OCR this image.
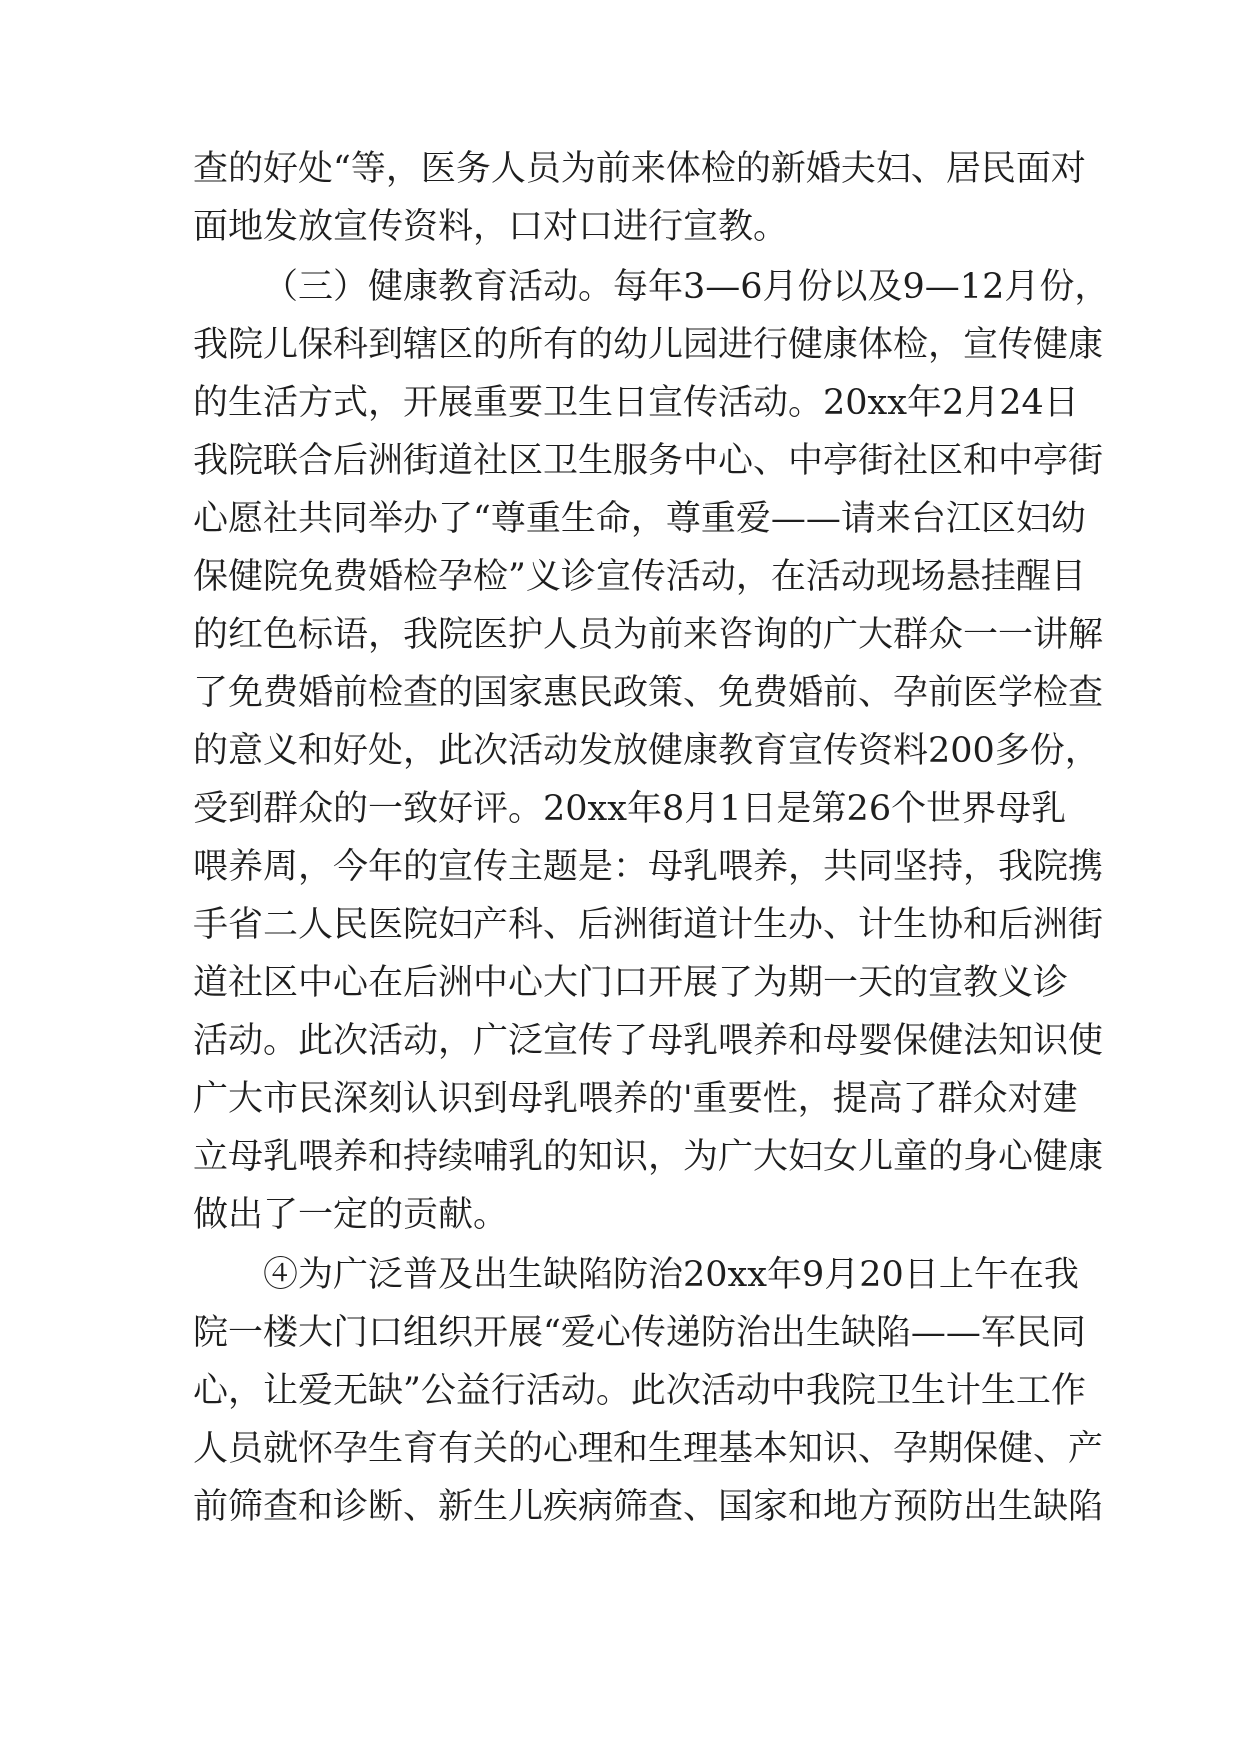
查的好处“等，医务人员为前来体检的新婚夫妇、居民面对

面地发放宣传资料，口对口进行宣教。

（三）健康教育活动。每年3—6月份以及9—12月份，

我院儿保科到辖区的所有的幼儿园进行健康体检，宣传健康

的生活方式，开展重要卫生日宣传活动。20xx年2月24日

我院联合后洲街道社区卫生服务中心、中亭街社区和中亭街

心愿社共同举办了“尊重生命，尊重爱——请来台江区妇幼

保健院免费婚检孕检”义诊宣传活动，在活动现场悬挂醒目

的红色标语，我院医护人员为前来咨询的广大群众一一讲解

了免费婚前检查的国家惠民政策、免费婚前、孕前医学检查

的意义和好处，此次活动发放健康教育宣传资料200多份，

受到群众的一致好评。20xx年8月1日是第26个世界母乳

喂养周，今年的宣传主题是：母乳喂养，共同坚持，我院携

手省二人民医院妇产科、后洲街道计生办、计生协和后洲街

道社区中心在后洲中心大门口开展了为期一天的宣教义诊

活动。此次活动，广泛宣传了母乳喂养和母婴保健法知识使

广大市民深刻认识到母乳喂养的'重要性，提高了群众对建

立母乳喂养和持续哺乳的知识，为广大妇女儿童的身心健康

做出了一定的贡献。

④为广泛普及出生缺陷防治20xx年9月20日上午在我

院一楼大门口组织开展“爱心传递防治出生缺陷——军民同

心，让爱无缺”公益行活动。此次活动中我院卫生计生工作

人员就怀孕生育有关的心理和生理基本知识、孕期保健、产

前筛查和诊断、新生儿疾病筛查、国家和地方预防出生缺陷
